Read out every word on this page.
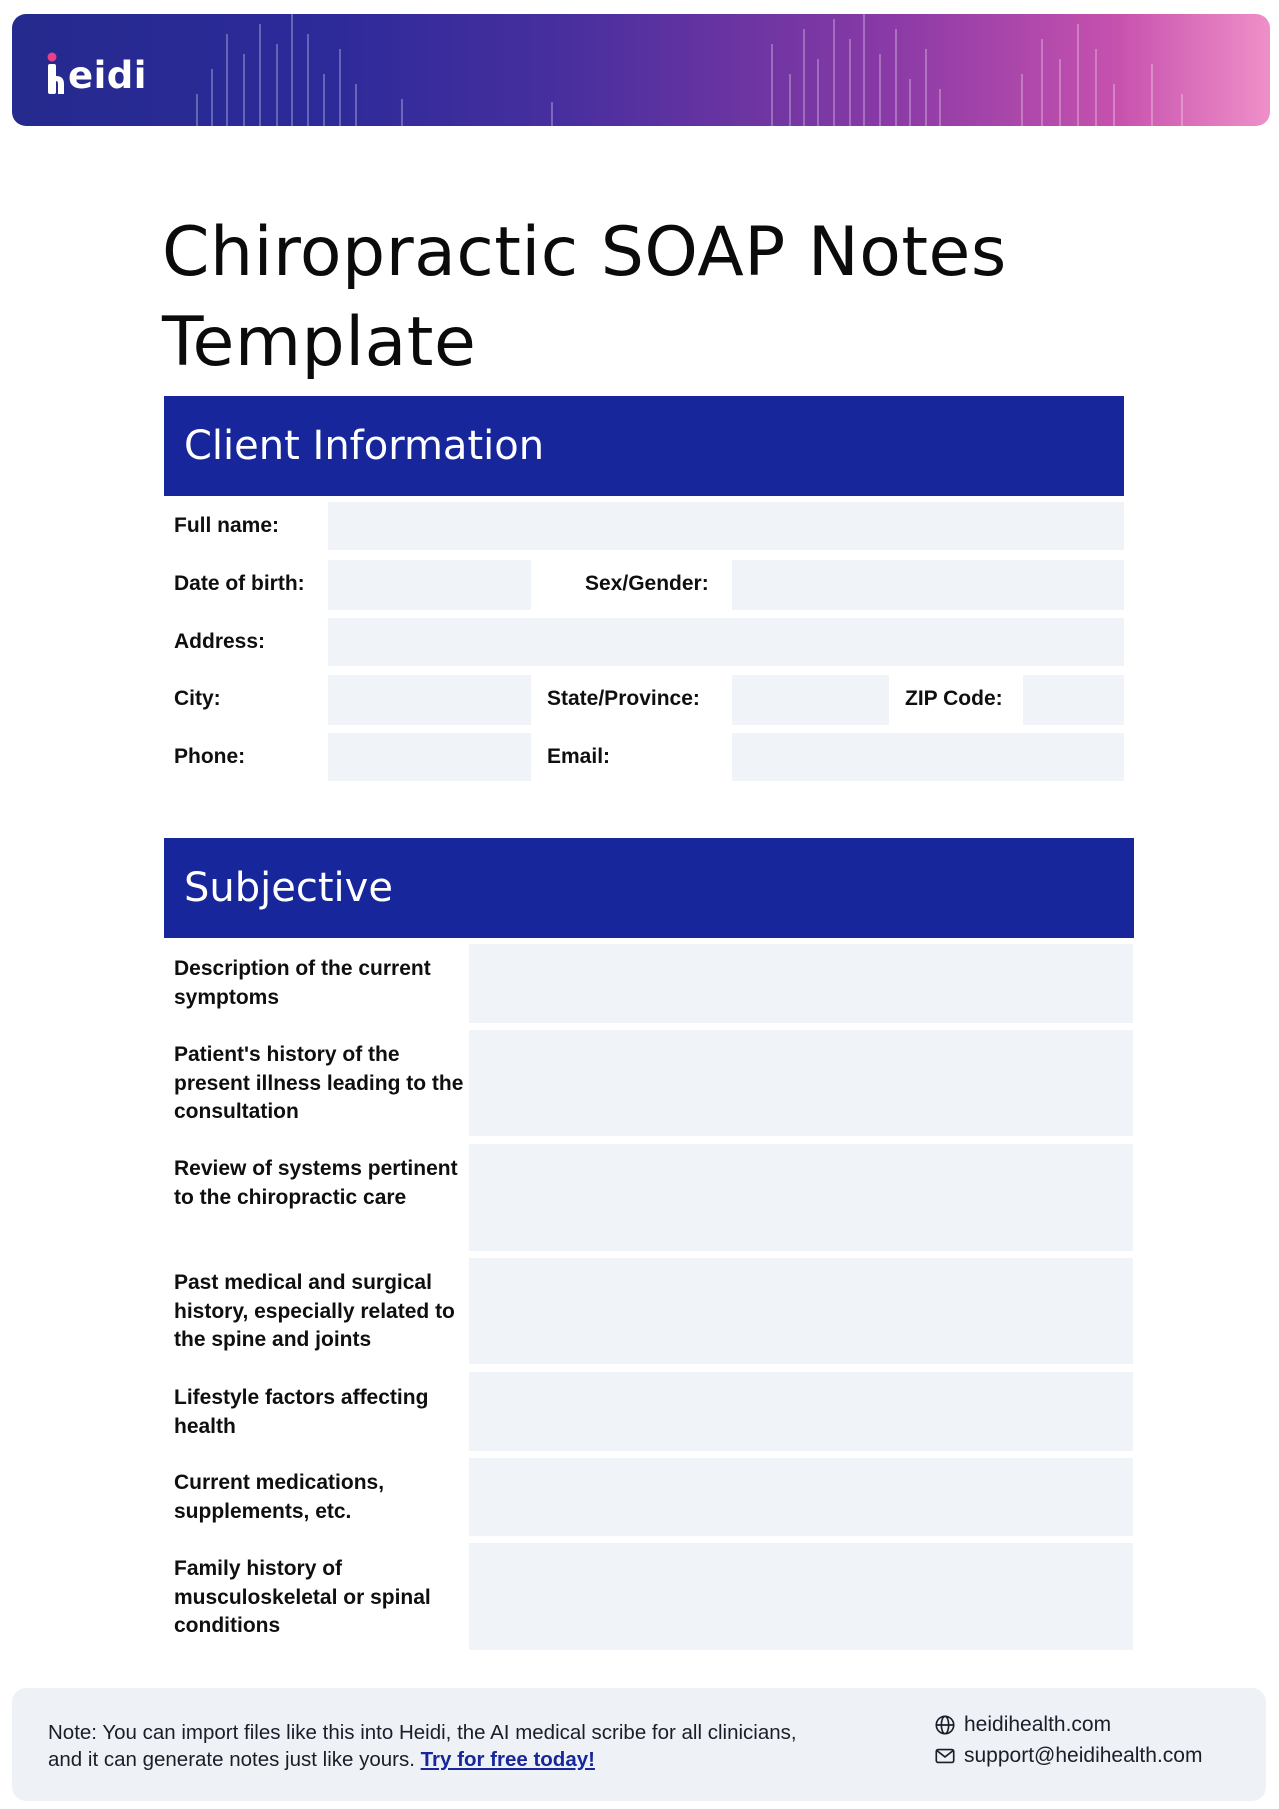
eidi
Chiropractic SOAP Notes
Template
Client Information
Full name:
Date of birth:	Sex/Gender:
Address:
City:	State/Province:	ZIP Code:
Phone:	Email:
Subjective
Description of the current symptoms
Patient's history of the present illness leading to the consultation
Review of systems pertinent to the chiropractic care
Past medical and surgical history, especially related to the spine and joints
Lifestyle factors affecting health
Current medications, supplements, etc.
Family history of musculoskeletal or spinal conditions
Note: You can import files like this into Heidi, the AI medical scribe for all clinicians, and it can generate notes just like yours. Try for free today!
heidihealth.com
support@heidihealth.com
